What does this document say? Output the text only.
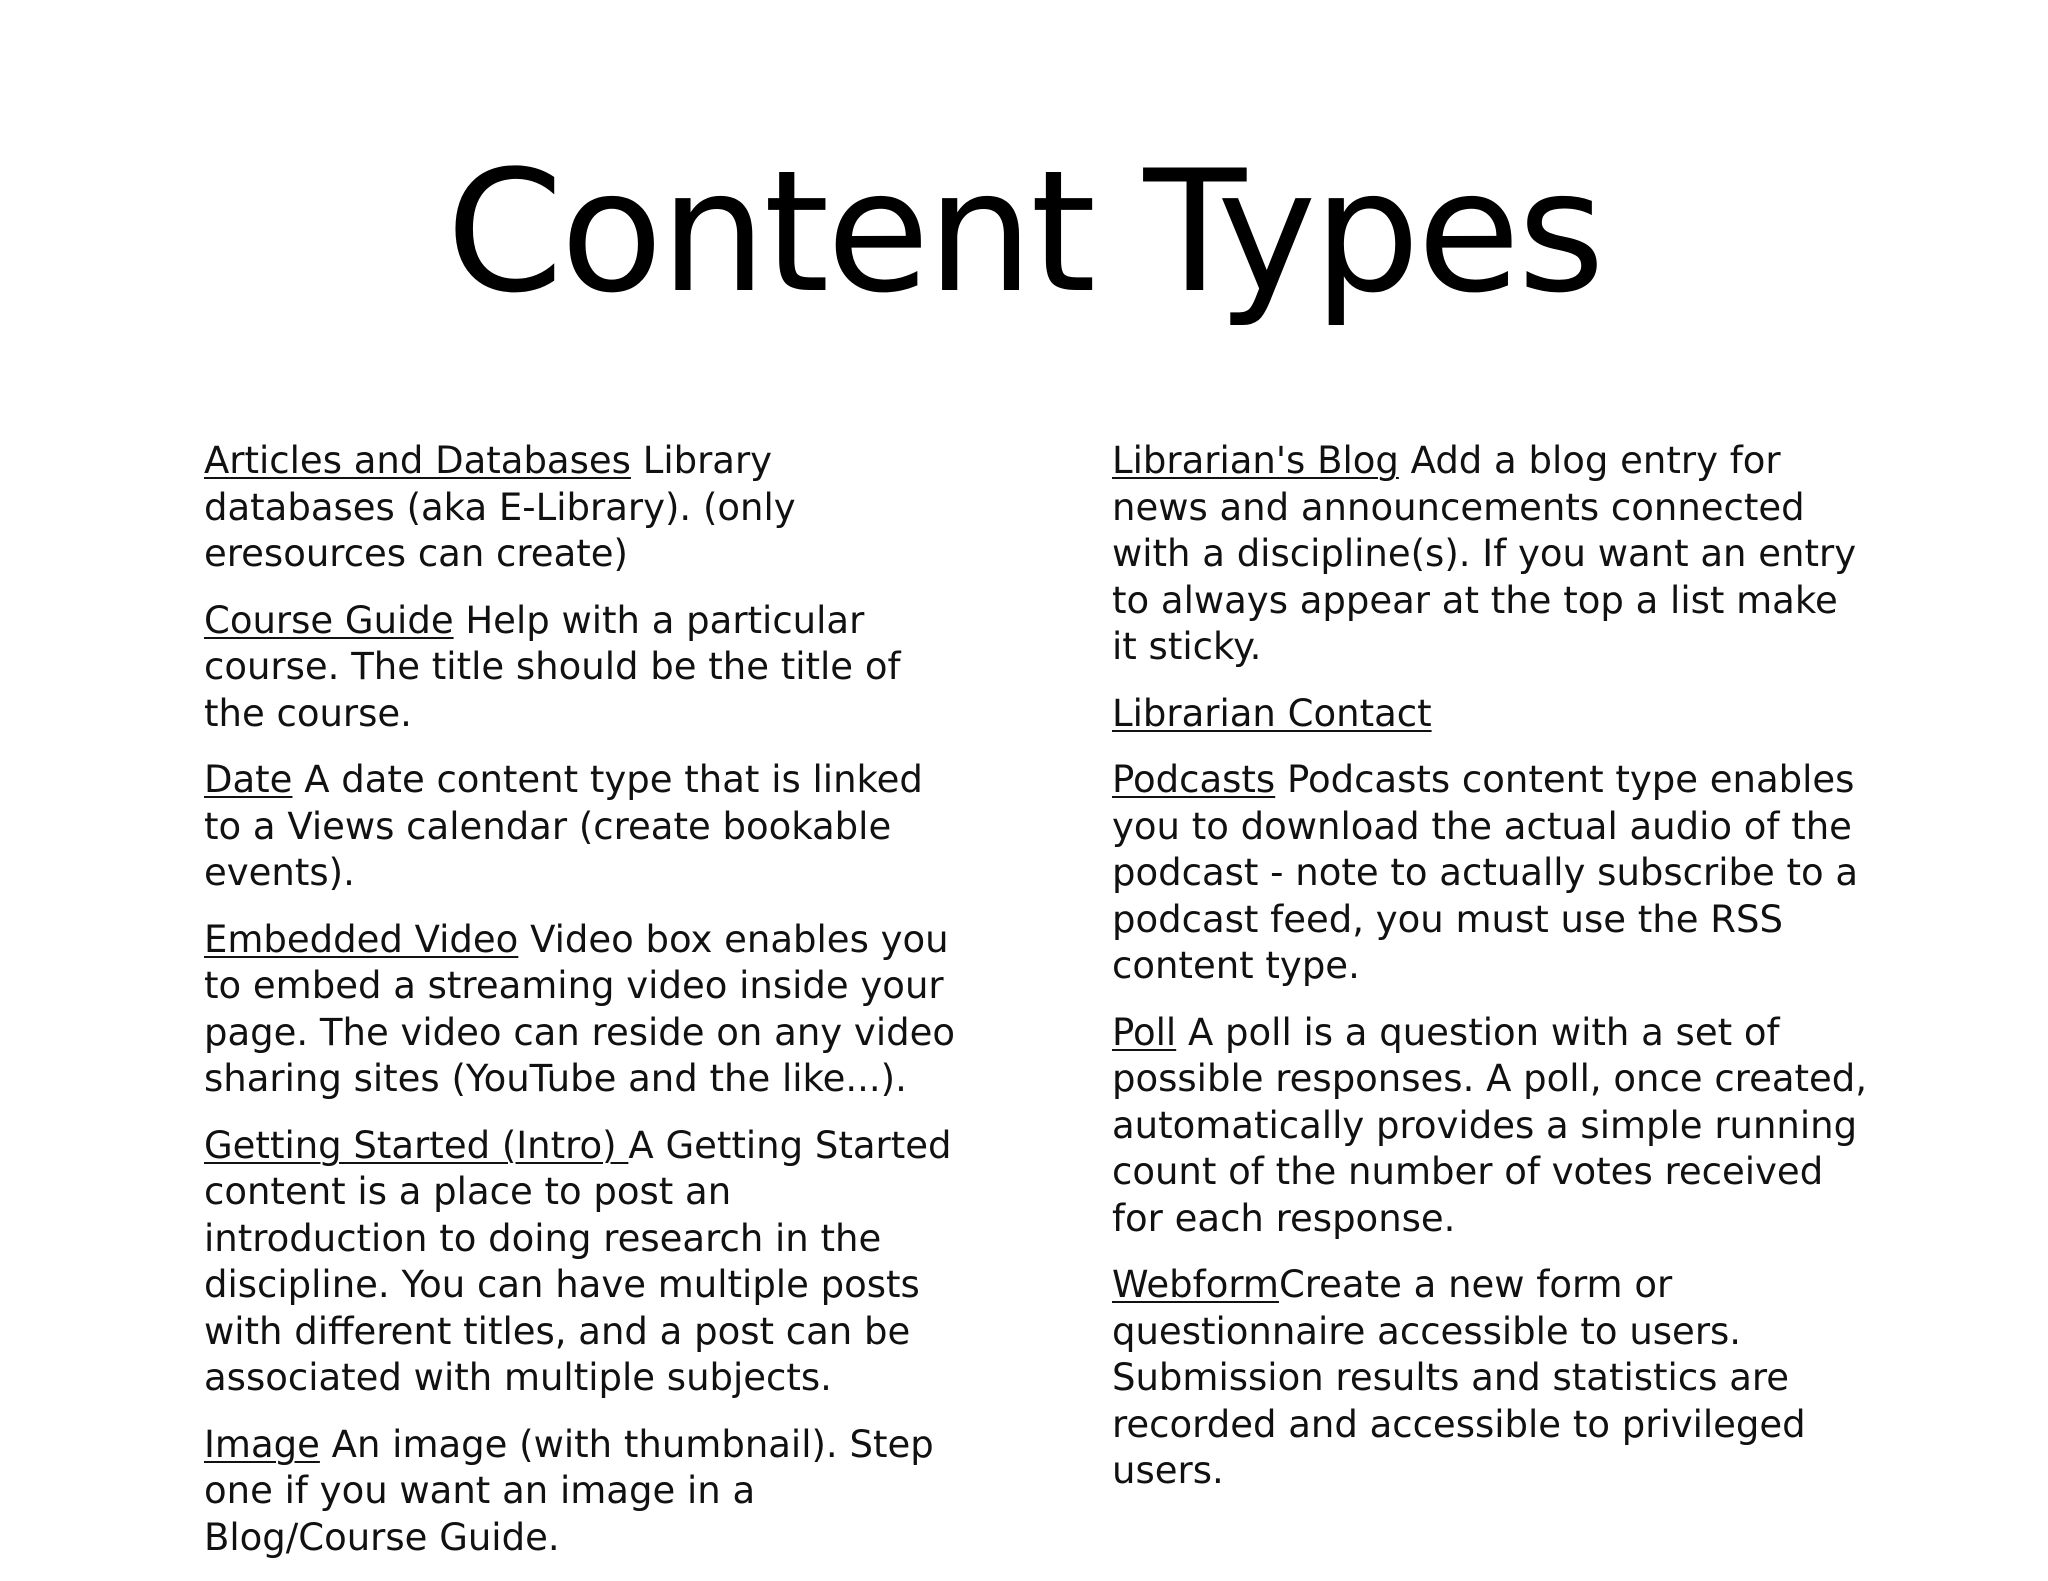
Content Types

Articles and Databases Library databases (aka E-Library). (only eresources can create)

Course Guide Help with a particular course. The title should be the title of the course.

Date A date content type that is linked to a Views calendar (create bookable events).

Embedded Video Video box enables you to embed a streaming video inside your page. The video can reside on any video sharing sites (YouTube and the like...).

Getting Started (Intro) A Getting Started content is a place to post an introduction to doing research in the discipline. You can have multiple posts with different titles, and a post can be associated with multiple subjects.

Image An image (with thumbnail). Step one if you want an image in a Blog/Course Guide.

Librarian's Blog Add a blog entry for news and announcements connected with a discipline(s). If you want an entry to always appear at the top a list make it sticky.

Librarian Contact

Podcasts Podcasts content type enables you to download the actual audio of the podcast - note to actually subscribe to a podcast feed, you must use the RSS content type.

Poll A poll is a question with a set of possible responses. A poll, once created, automatically provides a simple running count of the number of votes received for each response.

WebformCreate a new form or questionnaire accessible to users. Submission results and statistics are recorded and accessible to privileged users.
